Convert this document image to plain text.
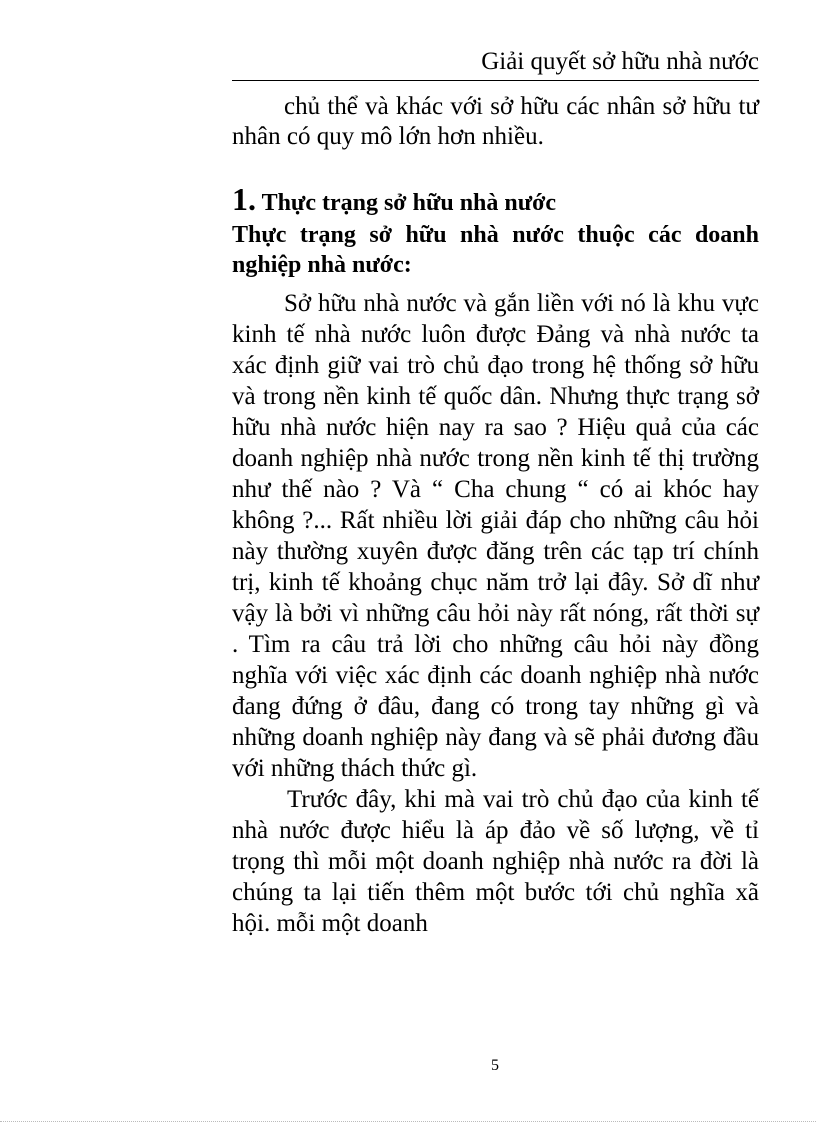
Giải quyết sở hữu nhà nước

chủ thể và khác với sở hữu các nhân sở hữu tư nhân có quy mô lớn hơn nhiều.

1. Thực trạng sở hữu nhà nước
Thực trạng sở hữu nhà nước thuộc các doanh nghiệp nhà nước:

Sở hữu nhà nước và gắn liền với nó là khu vực kinh tế nhà nước luôn được Đảng và nhà nước ta xác định giữ vai trò chủ đạo trong hệ thống sở hữu và trong nền kinh tế quốc dân. Nhưng thực trạng sở hữu nhà nước hiện nay ra sao ? Hiệu quả của các doanh nghiệp nhà nước trong nền kinh tế thị trường như thế nào ? Và “ Cha chung “ có ai khóc hay không ?... Rất nhiều lời giải đáp cho những câu hỏi này thường xuyên được đăng trên các tạp trí chính trị, kinh tế khoảng chục năm trở lại đây. Sở dĩ như vậy là bởi vì những câu hỏi này rất nóng, rất thời sự . Tìm ra câu trả lời cho những câu hỏi này đồng nghĩa với việc xác định các doanh nghiệp nhà nước đang đứng ở đâu, đang có trong tay những gì và những doanh nghiệp này đang và sẽ phải đương đầu với những thách thức gì.

Trước đây, khi mà vai trò chủ đạo của kinh tế nhà nước được hiểu là áp đảo về số lượng, về tỉ trọng thì mỗi một doanh nghiệp nhà nước ra đời là chúng ta lại tiến thêm một bước tới chủ nghĩa xã hội. mỗi một doanh

5
